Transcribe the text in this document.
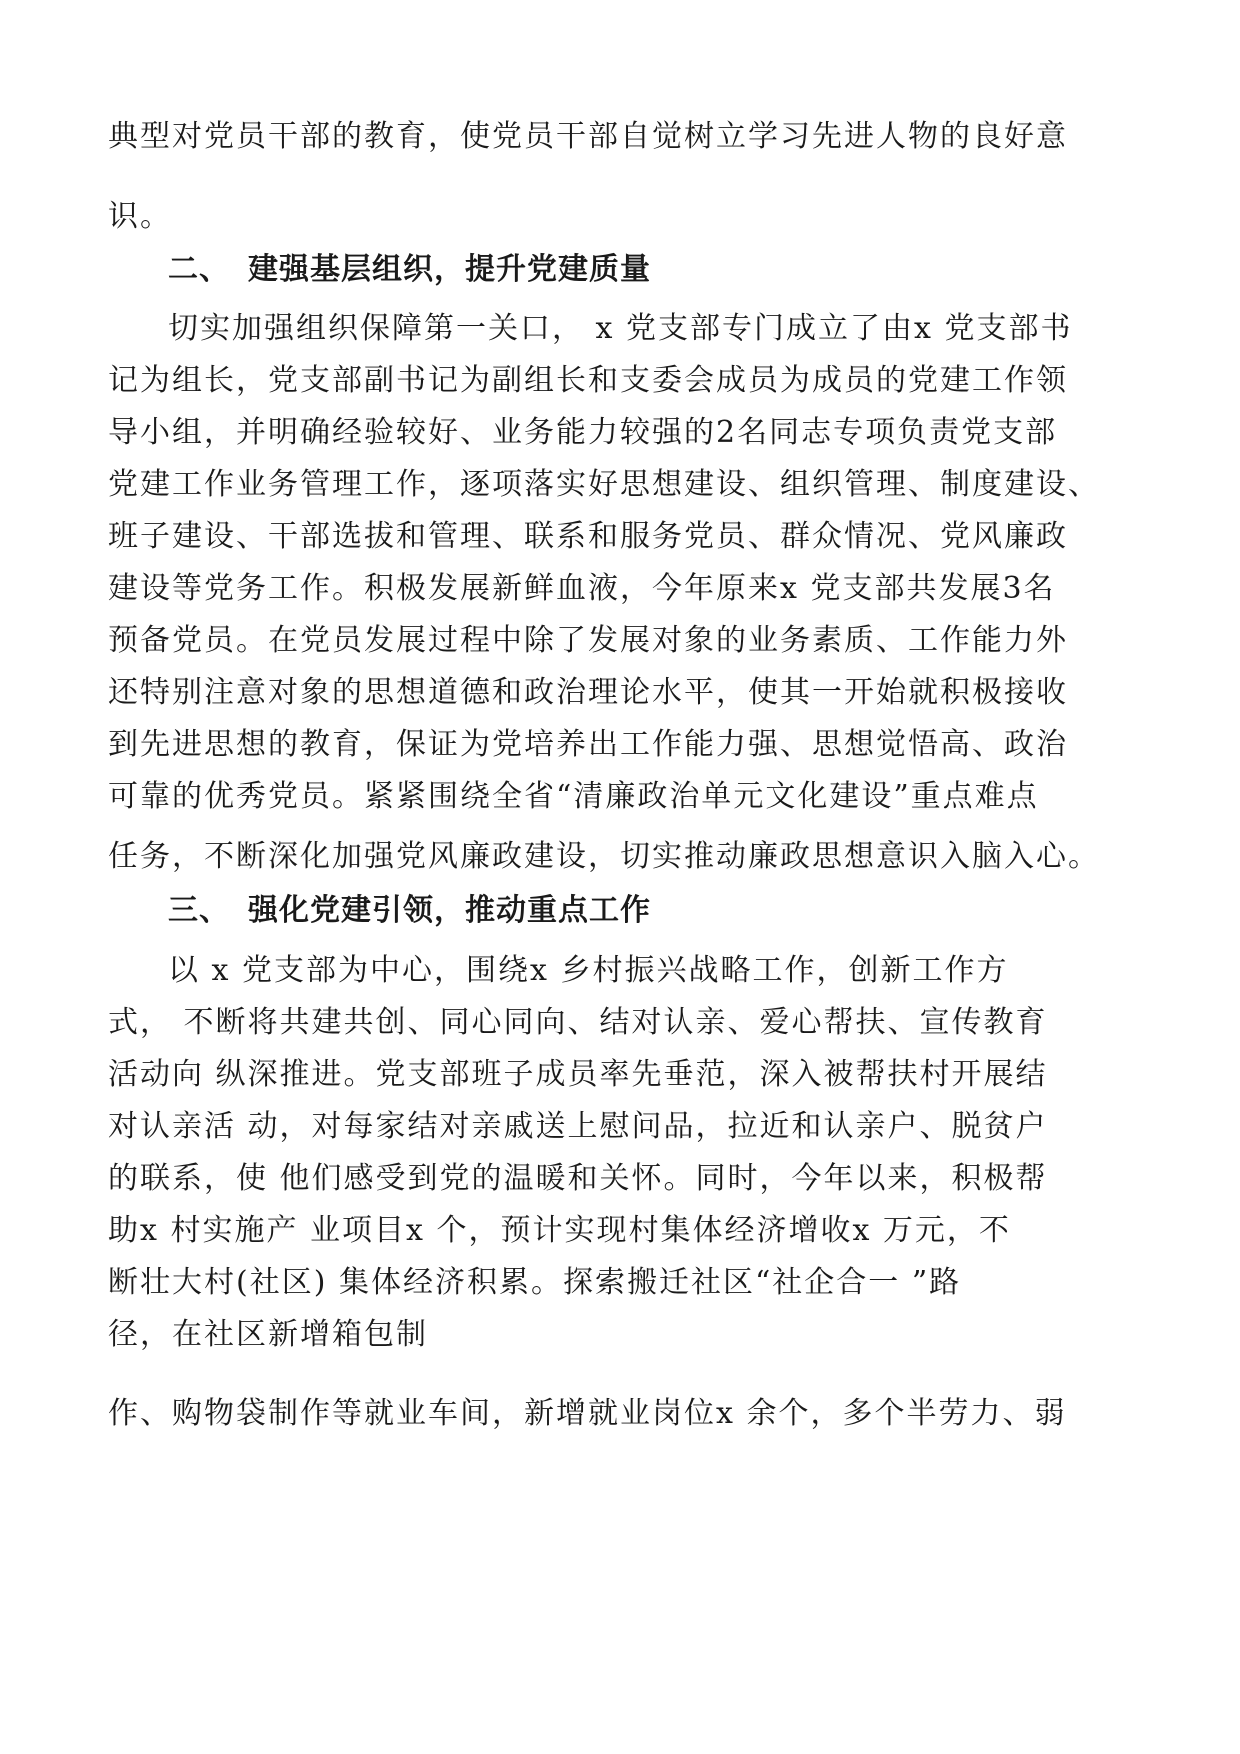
典型对党员干部的教育，使党员干部自觉树立学习先进人物的良好意
识。
二、 建强基层组织，提升党建质量
切实加强组织保障第一关口， x 党支部专门成立了由x 党支部书
记为组长，党支部副书记为副组长和支委会成员为成员的党建工作领
导小组，并明确经验较好、业务能力较强的2名同志专项负责党支部
党建工作业务管理工作，逐项落实好思想建设、组织管理、制度建设、
班子建设、干部选拔和管理、联系和服务党员、群众情况、党风廉政
建设等党务工作。积极发展新鲜血液，今年原来x 党支部共发展3名
预备党员。在党员发展过程中除了发展对象的业务素质、工作能力外
还特别注意对象的思想道德和政治理论水平，使其一开始就积极接收
到先进思想的教育，保证为党培养出工作能力强、思想觉悟高、政治
可靠的优秀党员。紧紧围绕全省“清廉政治单元文化建设”重点难点
任务，不断深化加强党风廉政建设，切实推动廉政思想意识入脑入心。
三、 强化党建引领，推动重点工作
以 x 党支部为中心，围绕x 乡村振兴战略工作，创新工作方
式， 不断将共建共创、同心同向、结对认亲、爱心帮扶、宣传教育
活动向 纵深推进。党支部班子成员率先垂范，深入被帮扶村开展结
对认亲活 动，对每家结对亲戚送上慰问品，拉近和认亲户、脱贫户
的联系，使 他们感受到党的温暖和关怀。同时，今年以来，积极帮
助x 村实施产 业项目x 个，预计实现村集体经济增收x 万元，不
断壮大村(社区) 集体经济积累。探索搬迁社区“社企合一 ”路
径，在社区新增箱包制
作、购物袋制作等就业车间，新增就业岗位x 余个，多个半劳力、弱
